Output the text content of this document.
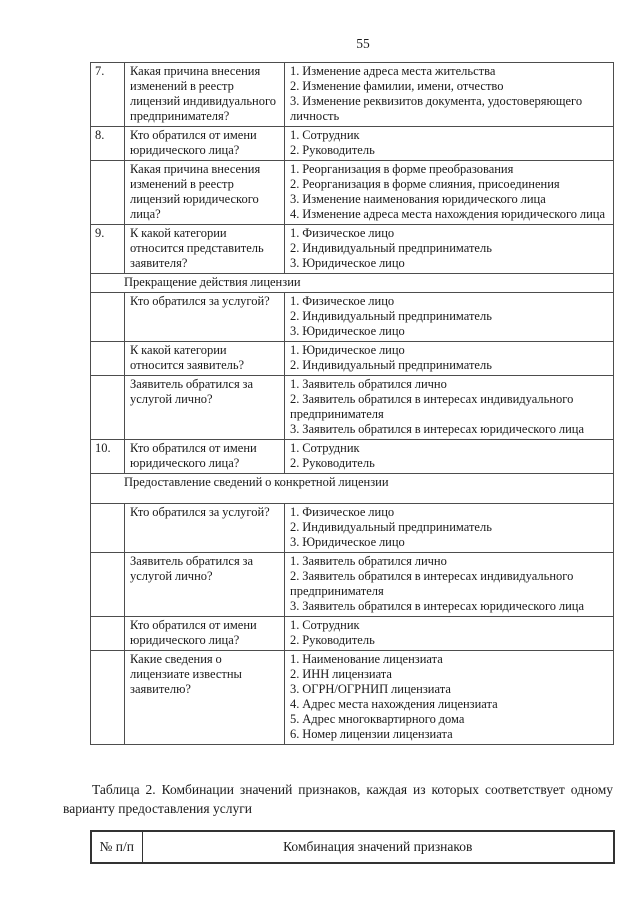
55
7.	Какая причина внесения изменений в реестр лицензий индивидуального предпринимателя?	1. Изменение адреса места жительства
2. Изменение фамилии, имени, отчество
3. Изменение реквизитов документа, удостоверяющего личность

8.	Кто обратился от имени юридического лица?	1. Сотрудник
2. Руководитель

	Какая причина внесения изменений в реестр лицензий юридического лица?	1. Реорганизация в форме преобразования
2. Реорганизация в форме слияния, присоединения
3. Изменение наименования юридического лица
4. Изменение адреса места нахождения юридического лица

9.	К какой категории относится представитель заявителя?	1. Физическое лицо
2. Индивидуальный предприниматель
3. Юридическое лицо

Прекращение действия лицензии		
	Кто обратился за услугой?	1. Физическое лицо
2. Индивидуальный предприниматель
3. Юридическое лицо

	К какой категории относится заявитель?	1. Юридическое лицо
2. Индивидуальный предприниматель

	Заявитель обратился за услугой лично?	1. Заявитель обратился лично
2. Заявитель обратился в интересах индивидуального предпринимателя
3. Заявитель обратился в интересах юридического лица

10.	Кто обратился от имени юридического лица?	1. Сотрудник
2. Руководитель

Предоставление сведений о конкретной лицензии		
	Кто обратился за услугой?	1. Физическое лицо
2. Индивидуальный предприниматель
3. Юридическое лицо

	Заявитель обратился за услугой лично?	1. Заявитель обратился лично
2. Заявитель обратился в интересах индивидуального предпринимателя
3. Заявитель обратился в интересах юридического лица

	Кто обратился от имени юридического лица?	1. Сотрудник
2. Руководитель

	Какие сведения о лицензиате известны заявителю?	
1. Наименование лицензиата
2. ИНН лицензиата
3. ОГРН/ОГРНИП лицензиата
4. Адрес места нахождения лицензиата
5. Адрес многоквартирного дома
6. Номер лицензии лицензиата

Таблица 2. Комбинации значений признаков, каждая из которых соответствует одному варианту предоставления услуги

№ п/п	Комбинация значений признаков
